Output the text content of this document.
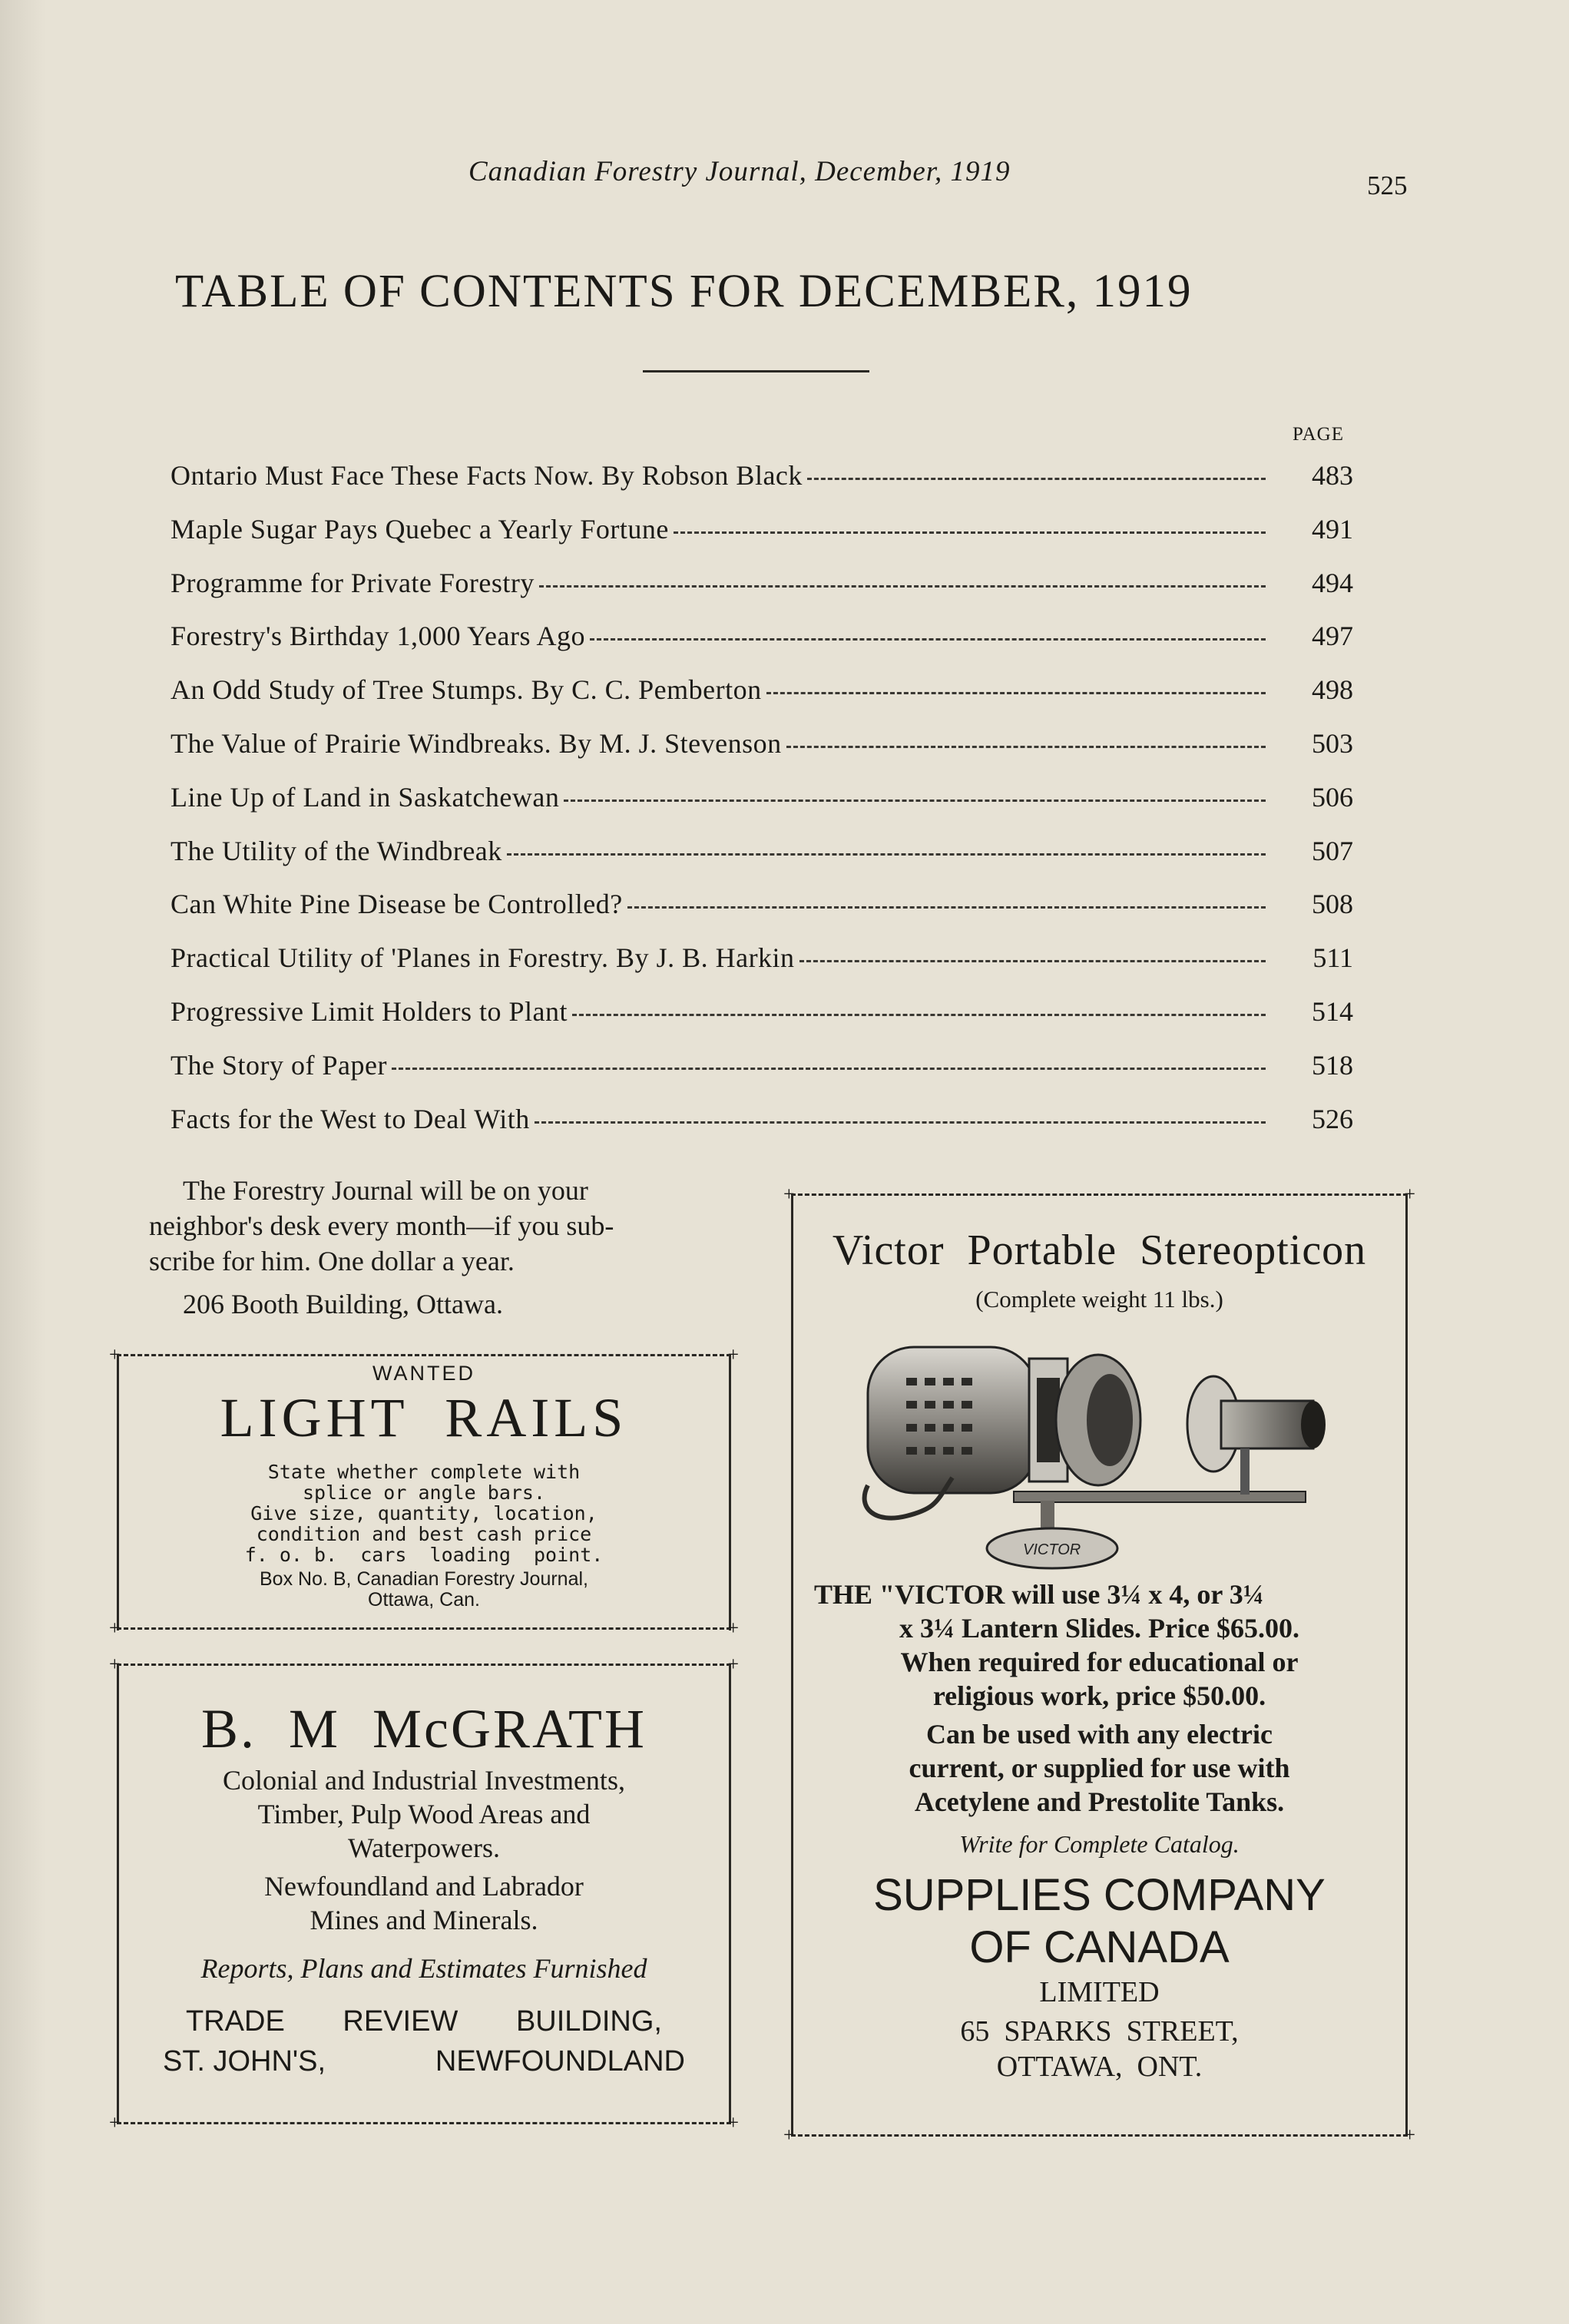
Canadian Forestry Journal, December, 1919	525
TABLE OF CONTENTS FOR DECEMBER, 1919
PAGE
Ontario Must Face These Facts Now. By Robson Black	483
Maple Sugar Pays Quebec a Yearly Fortune	491
Programme for Private Forestry	494
Forestry's Birthday 1,000 Years Ago	497
An Odd Study of Tree Stumps. By C. C. Pemberton	498
The Value of Prairie Windbreaks. By M. J. Stevenson	503
Line Up of Land in Saskatchewan	506
The Utility of the Windbreak	507
Can White Pine Disease be Controlled?	508
Practical Utility of 'Planes in Forestry. By J. B. Harkin	511
Progressive Limit Holders to Plant	514
The Story of Paper	518
Facts for the West to Deal With	526
The Forestry Journal will be on your
neighbor's desk every month—if you sub-
scribe for him. One dollar a year.
206 Booth Building, Ottawa.
+	+
+	+
WANTED
LIGHT  RAILS
State whether complete with
splice or angle bars.
Give size, quantity, location,
condition and best cash price
f. o. b.  cars  loading  point.
Box No. B, Canadian Forestry Journal,
Ottawa, Can.
+	+
+	+
B.  M  McGRATH
Colonial and Industrial Investments,
Timber, Pulp Wood Areas and
Waterpowers.
Newfoundland and Labrador
Mines and Minerals.
Reports, Plans and Estimates Furnished
TRADE REVIEW BUILDING,
ST. JOHN'S,	NEWFOUNDLAND
+	+
+	+
Victor  Portable  Stereopticon
(Complete weight 11 lbs.)
VICTOR
THE "VICTOR will use 3¼ x 4, or 3¼
x 3¼ Lantern Slides. Price $65.00.
When required for educational or
religious work, price $50.00.
Can be used with any electric
current, or supplied for use with
Acetylene and Prestolite Tanks.
Write for Complete Catalog.
SUPPLIES COMPANY
OF CANADA
LIMITED
65  SPARKS  STREET,
OTTAWA,  ONT.
